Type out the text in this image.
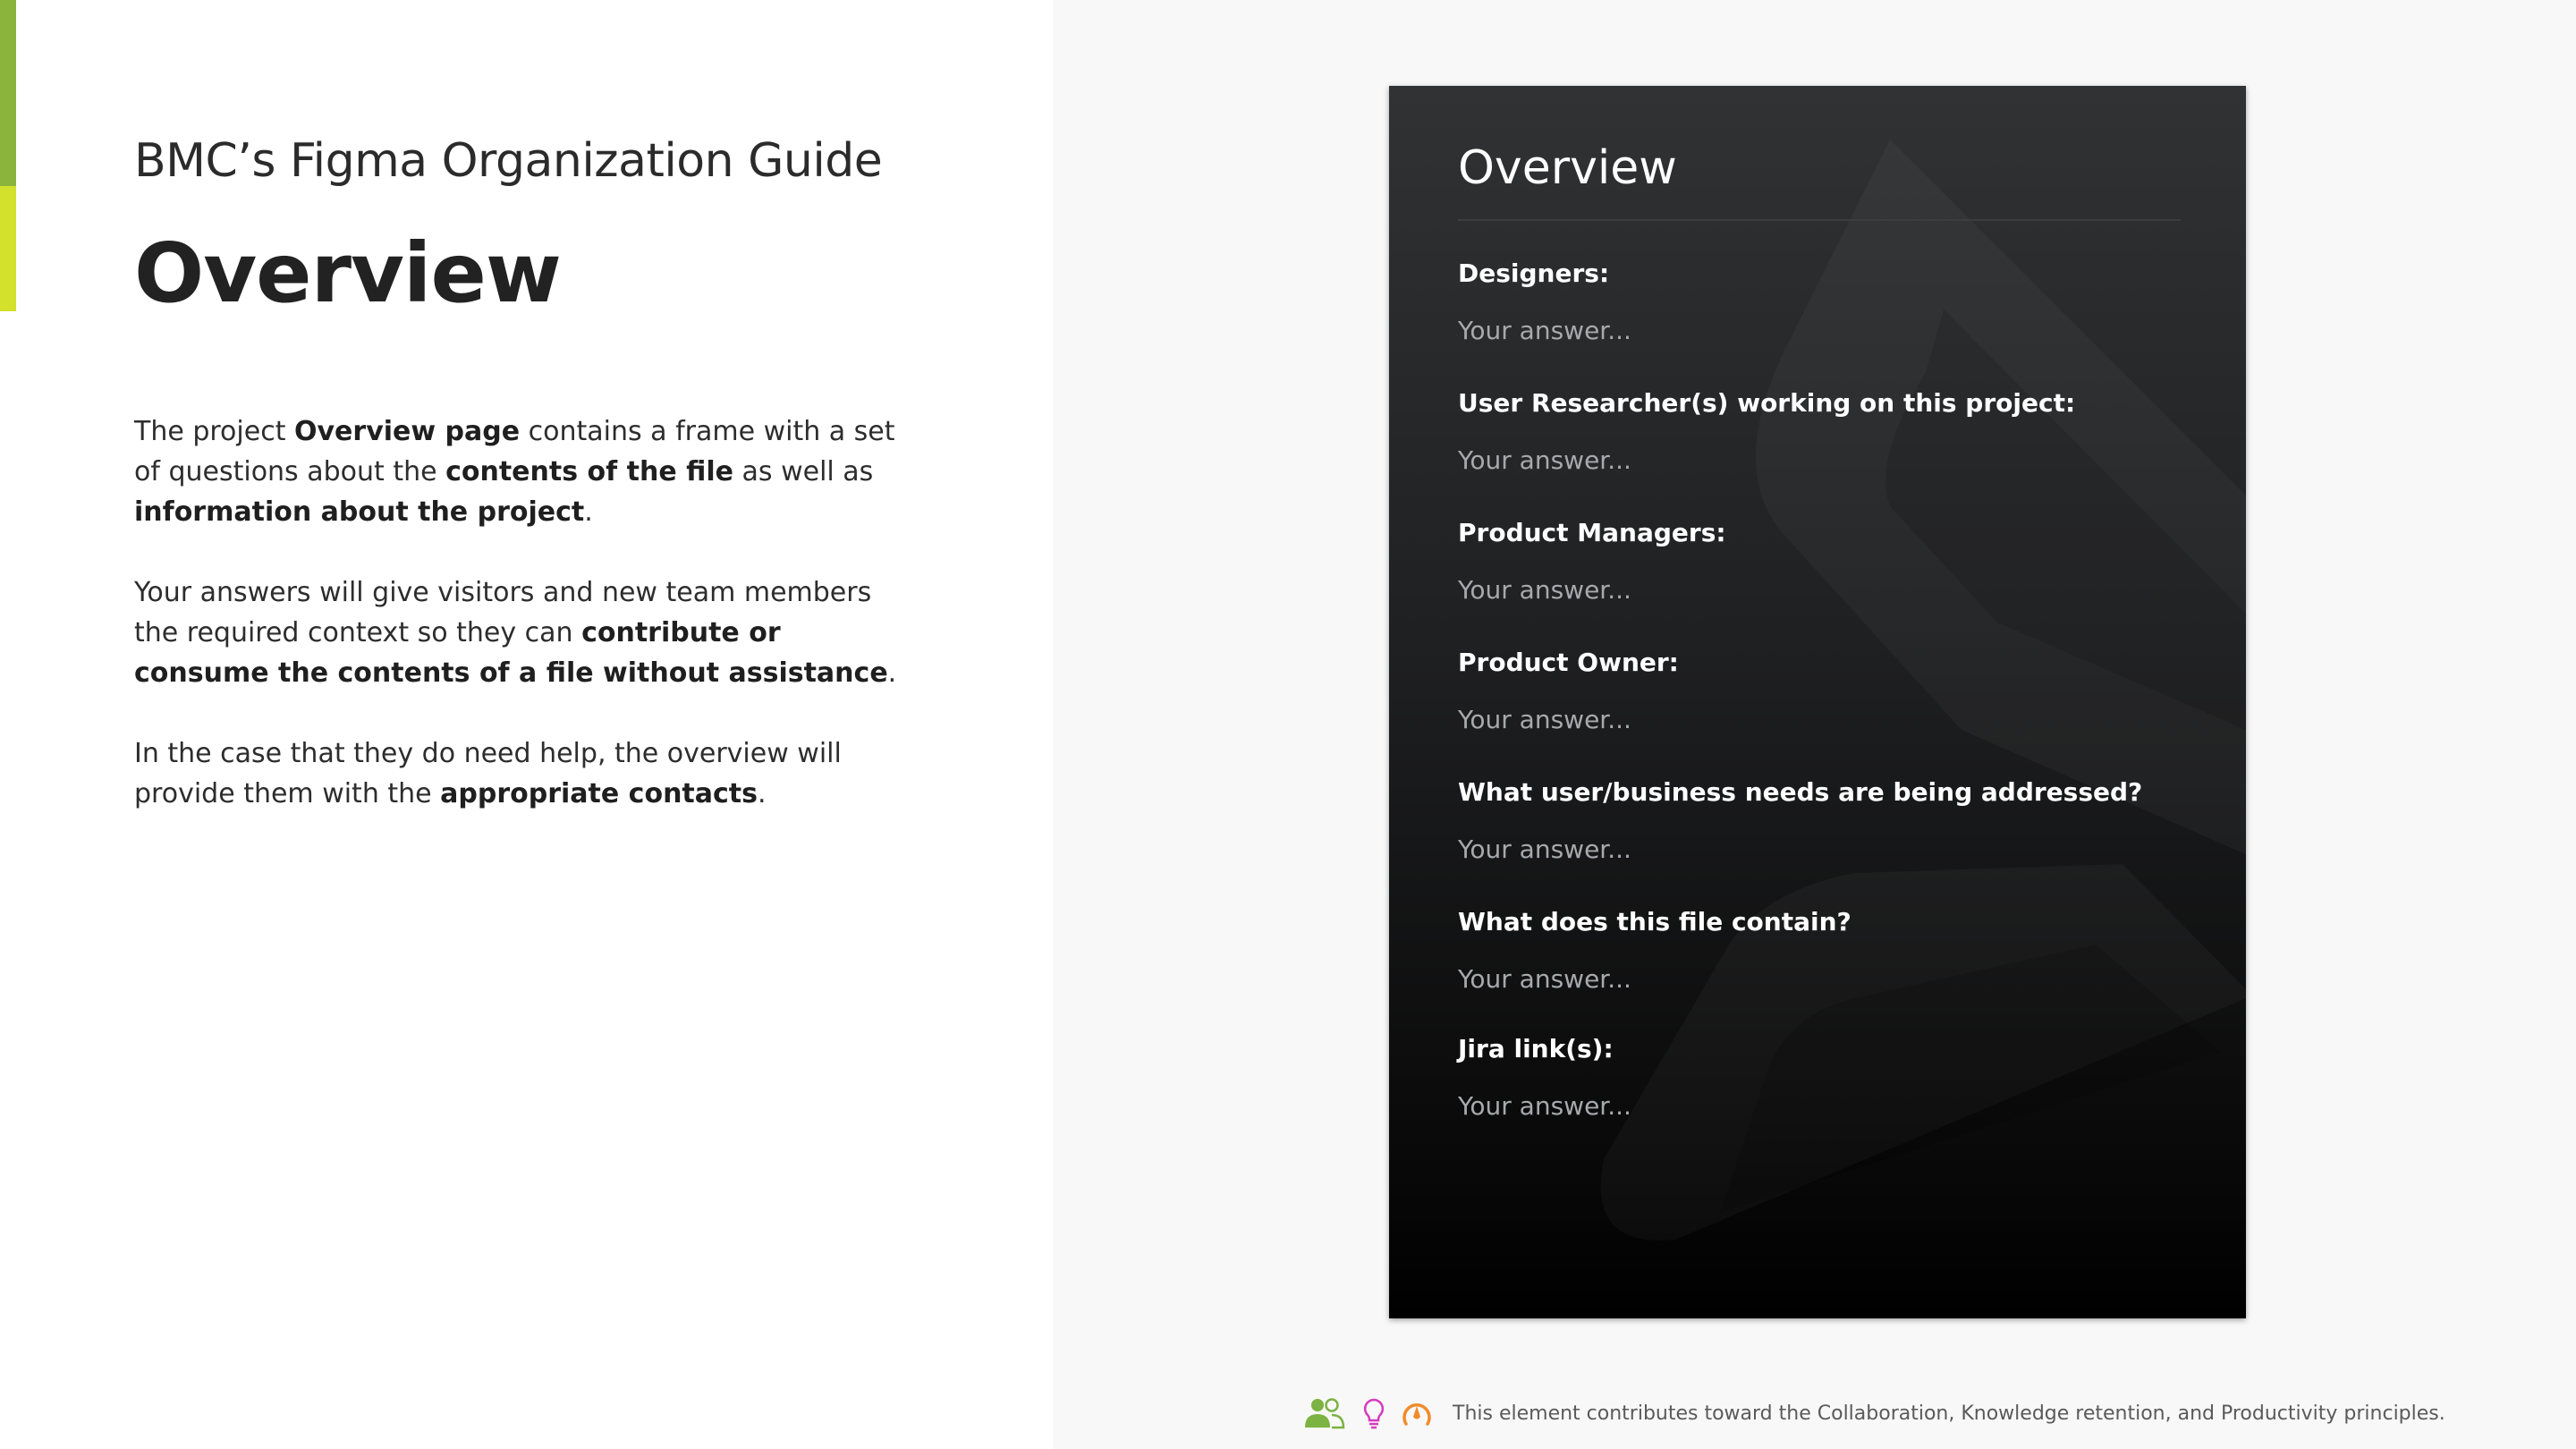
BMC’s Figma Organization Guide
Overview

The project Overview page contains a frame with a set of questions about the contents of the file as well as information about the project.

Your answers will give visitors and new team members the required context so they can contribute or consume the contents of a file without assistance.

In the case that they do need help, the overview will provide them with the appropriate contacts.

Overview
Designers:
Your answer...
User Researcher(s) working on this project:
Your answer...
Product Managers:
Your answer...
Product Owner:
Your answer...
What user/business needs are being addressed?
Your answer...
What does this file contain?
Your answer...
Jira link(s):
Your answer...
This element contributes toward the Collaboration, Knowledge retention, and Productivity principles.
